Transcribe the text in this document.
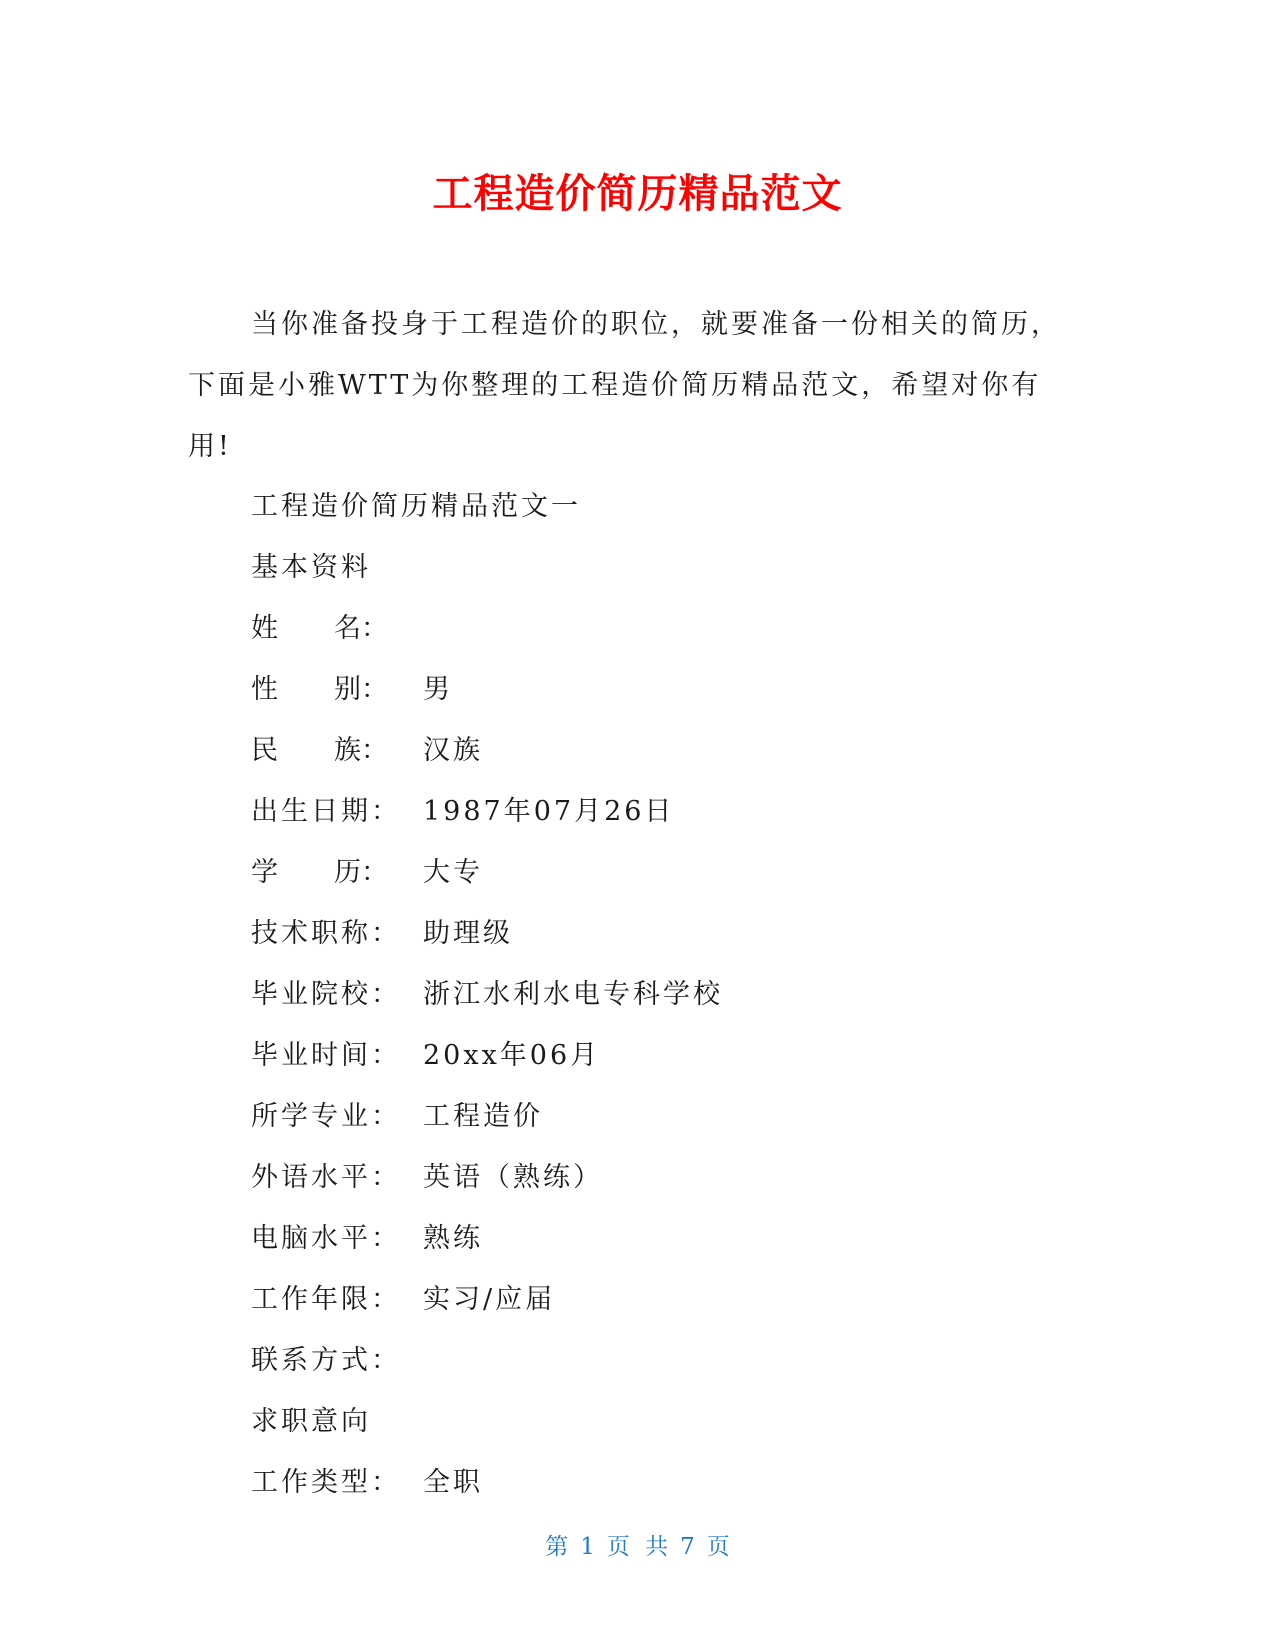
工程造价简历精品范文

当你准备投身于工程造价的职位，就要准备一份相关的简历，下面是小雅WTT为你整理的工程造价简历精品范文，希望对你有用!

工程造价简历精品范文一
基本资料
姓 名：
性 别： 男
民 族： 汉族
出生日期： 1987年07月26日
学 历： 大专
技术职称： 助理级
毕业院校： 浙江水利水电专科学校
毕业时间： 20xx年06月
所学专业： 工程造价
外语水平： 英语（熟练）
电脑水平： 熟练
工作年限： 实习/应届
联系方式：
求职意向
工作类型： 全职
第 1 页 共 7 页
